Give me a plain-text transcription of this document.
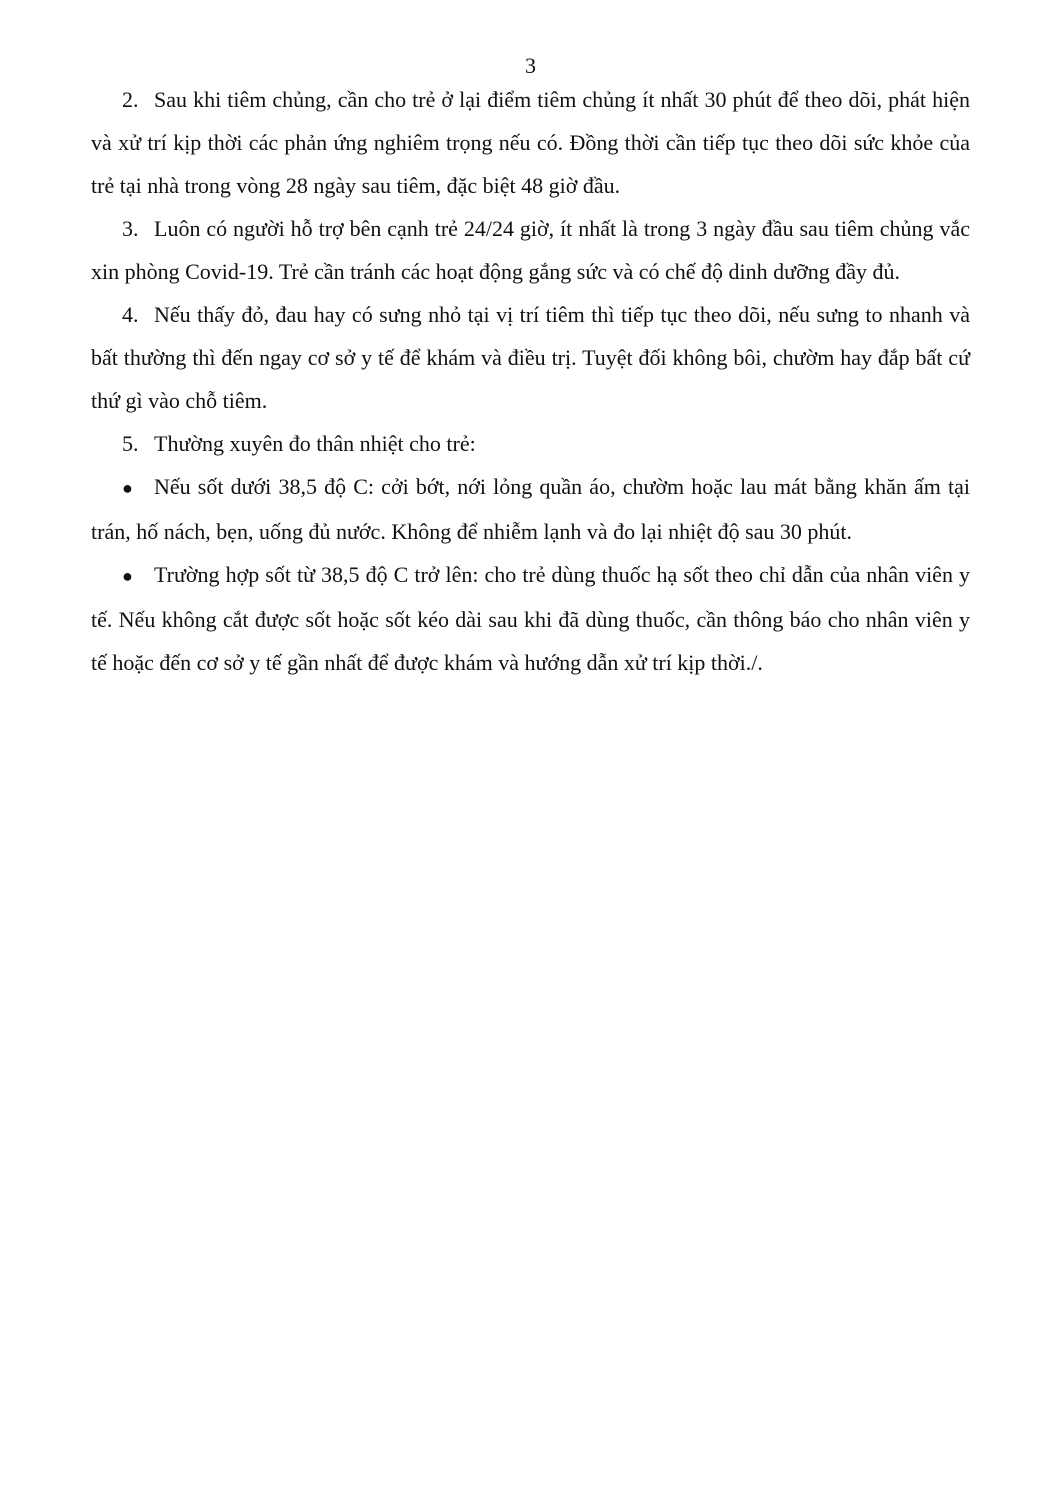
3

2. Sau khi tiêm chủng, cần cho trẻ ở lại điểm tiêm chủng ít nhất 30 phút để theo dõi, phát hiện và xử trí kịp thời các phản ứng nghiêm trọng nếu có. Đồng thời cần tiếp tục theo dõi sức khỏe của trẻ tại nhà trong vòng 28 ngày sau tiêm, đặc biệt 48 giờ đầu.

3. Luôn có người hỗ trợ bên cạnh trẻ 24/24 giờ, ít nhất là trong 3 ngày đầu sau tiêm chủng vắc xin phòng Covid-19. Trẻ cần tránh các hoạt động gắng sức và có chế độ dinh dưỡng đầy đủ.

4. Nếu thấy đỏ, đau hay có sưng nhỏ tại vị trí tiêm thì tiếp tục theo dõi, nếu sưng to nhanh và bất thường thì đến ngay cơ sở y tế để khám và điều trị. Tuyệt đối không bôi, chườm hay đắp bất cứ thứ gì vào chỗ tiêm.

5. Thường xuyên đo thân nhiệt cho trẻ:

● Nếu sốt dưới 38,5 độ C: cởi bớt, nới lỏng quần áo, chườm hoặc lau mát bằng khăn ấm tại trán, hố nách, bẹn, uống đủ nước. Không để nhiễm lạnh và đo lại nhiệt độ sau 30 phút.

● Trường hợp sốt từ 38,5 độ C trở lên: cho trẻ dùng thuốc hạ sốt theo chỉ dẫn của nhân viên y tế. Nếu không cắt được sốt hoặc sốt kéo dài sau khi đã dùng thuốc, cần thông báo cho nhân viên y tế hoặc đến cơ sở y tế gần nhất để được khám và hướng dẫn xử trí kịp thời./.
